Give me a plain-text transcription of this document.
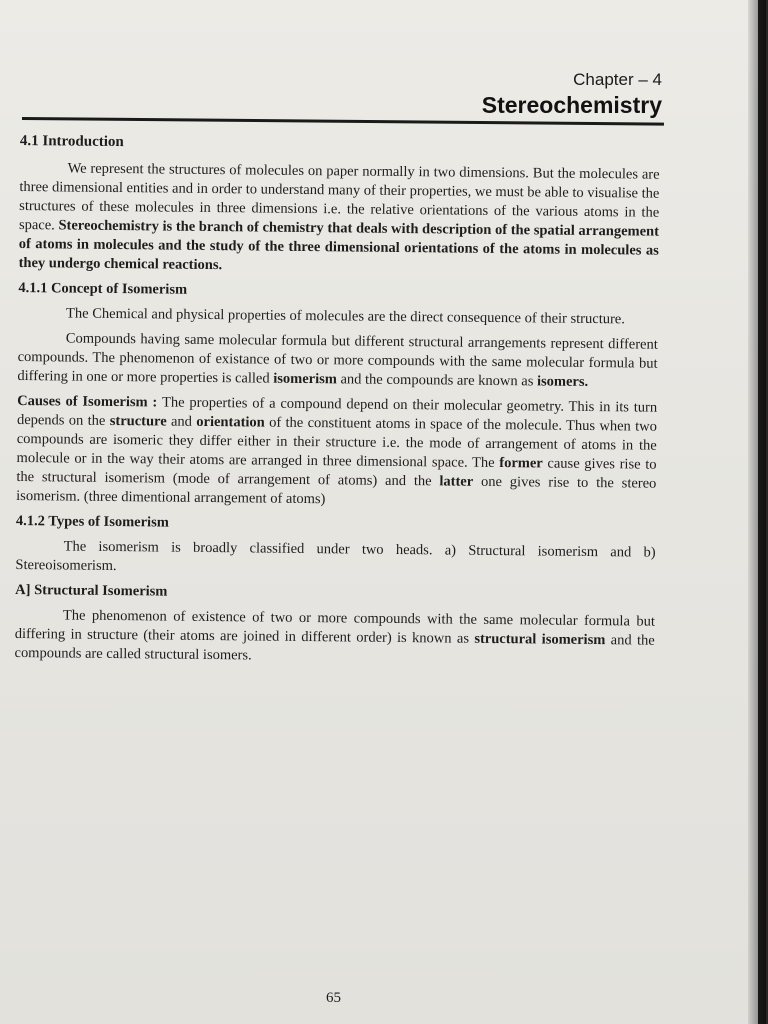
Chapter – 4
Stereochemistry
4.1 Introduction

We represent the structures of molecules on paper normally in two dimensions. But the molecules are three dimensional entities and in order to understand many of their properties, we must be able to visualise the structures of these molecules in three dimensions i.e. the relative orientations of the various atoms in the space. Stereochemistry is the branch of chemistry that deals with description of the spatial arrangement of atoms in molecules and the study of the three dimensional orientations of the atoms in molecules as they undergo chemical reactions.

4.1.1 Concept of Isomerism

The Chemical and physical properties of molecules are the direct consequence of their structure.

Compounds having same molecular formula but different structural arrangements represent different compounds. The phenomenon of existance of two or more compounds with the same molecular formula but differing in one or more properties is called isomerism and the compounds are known as isomers.

Causes of Isomerism : The properties of a compound depend on their molecular geometry. This in its turn depends on the structure and orientation of the constituent atoms in space of the molecule. Thus when two compounds are isomeric they differ either in their structure i.e. the mode of arrangement of atoms in the molecule or in the way their atoms are arranged in three dimensional space. The former cause gives rise to the structural isomerism (mode of arrangement of atoms) and the latter one gives rise to the stereo isomerism. (three dimentional arrangement of atoms)

4.1.2 Types of Isomerism

The isomerism is broadly classified under two heads. a) Structural isomerism and b) Stereoisomerism.

A] Structural Isomerism

The phenomenon of existence of two or more compounds with the same molecular formula but differing in structure (their atoms are joined in different order) is known as structural isomerism and the compounds are called structural isomers.

65
